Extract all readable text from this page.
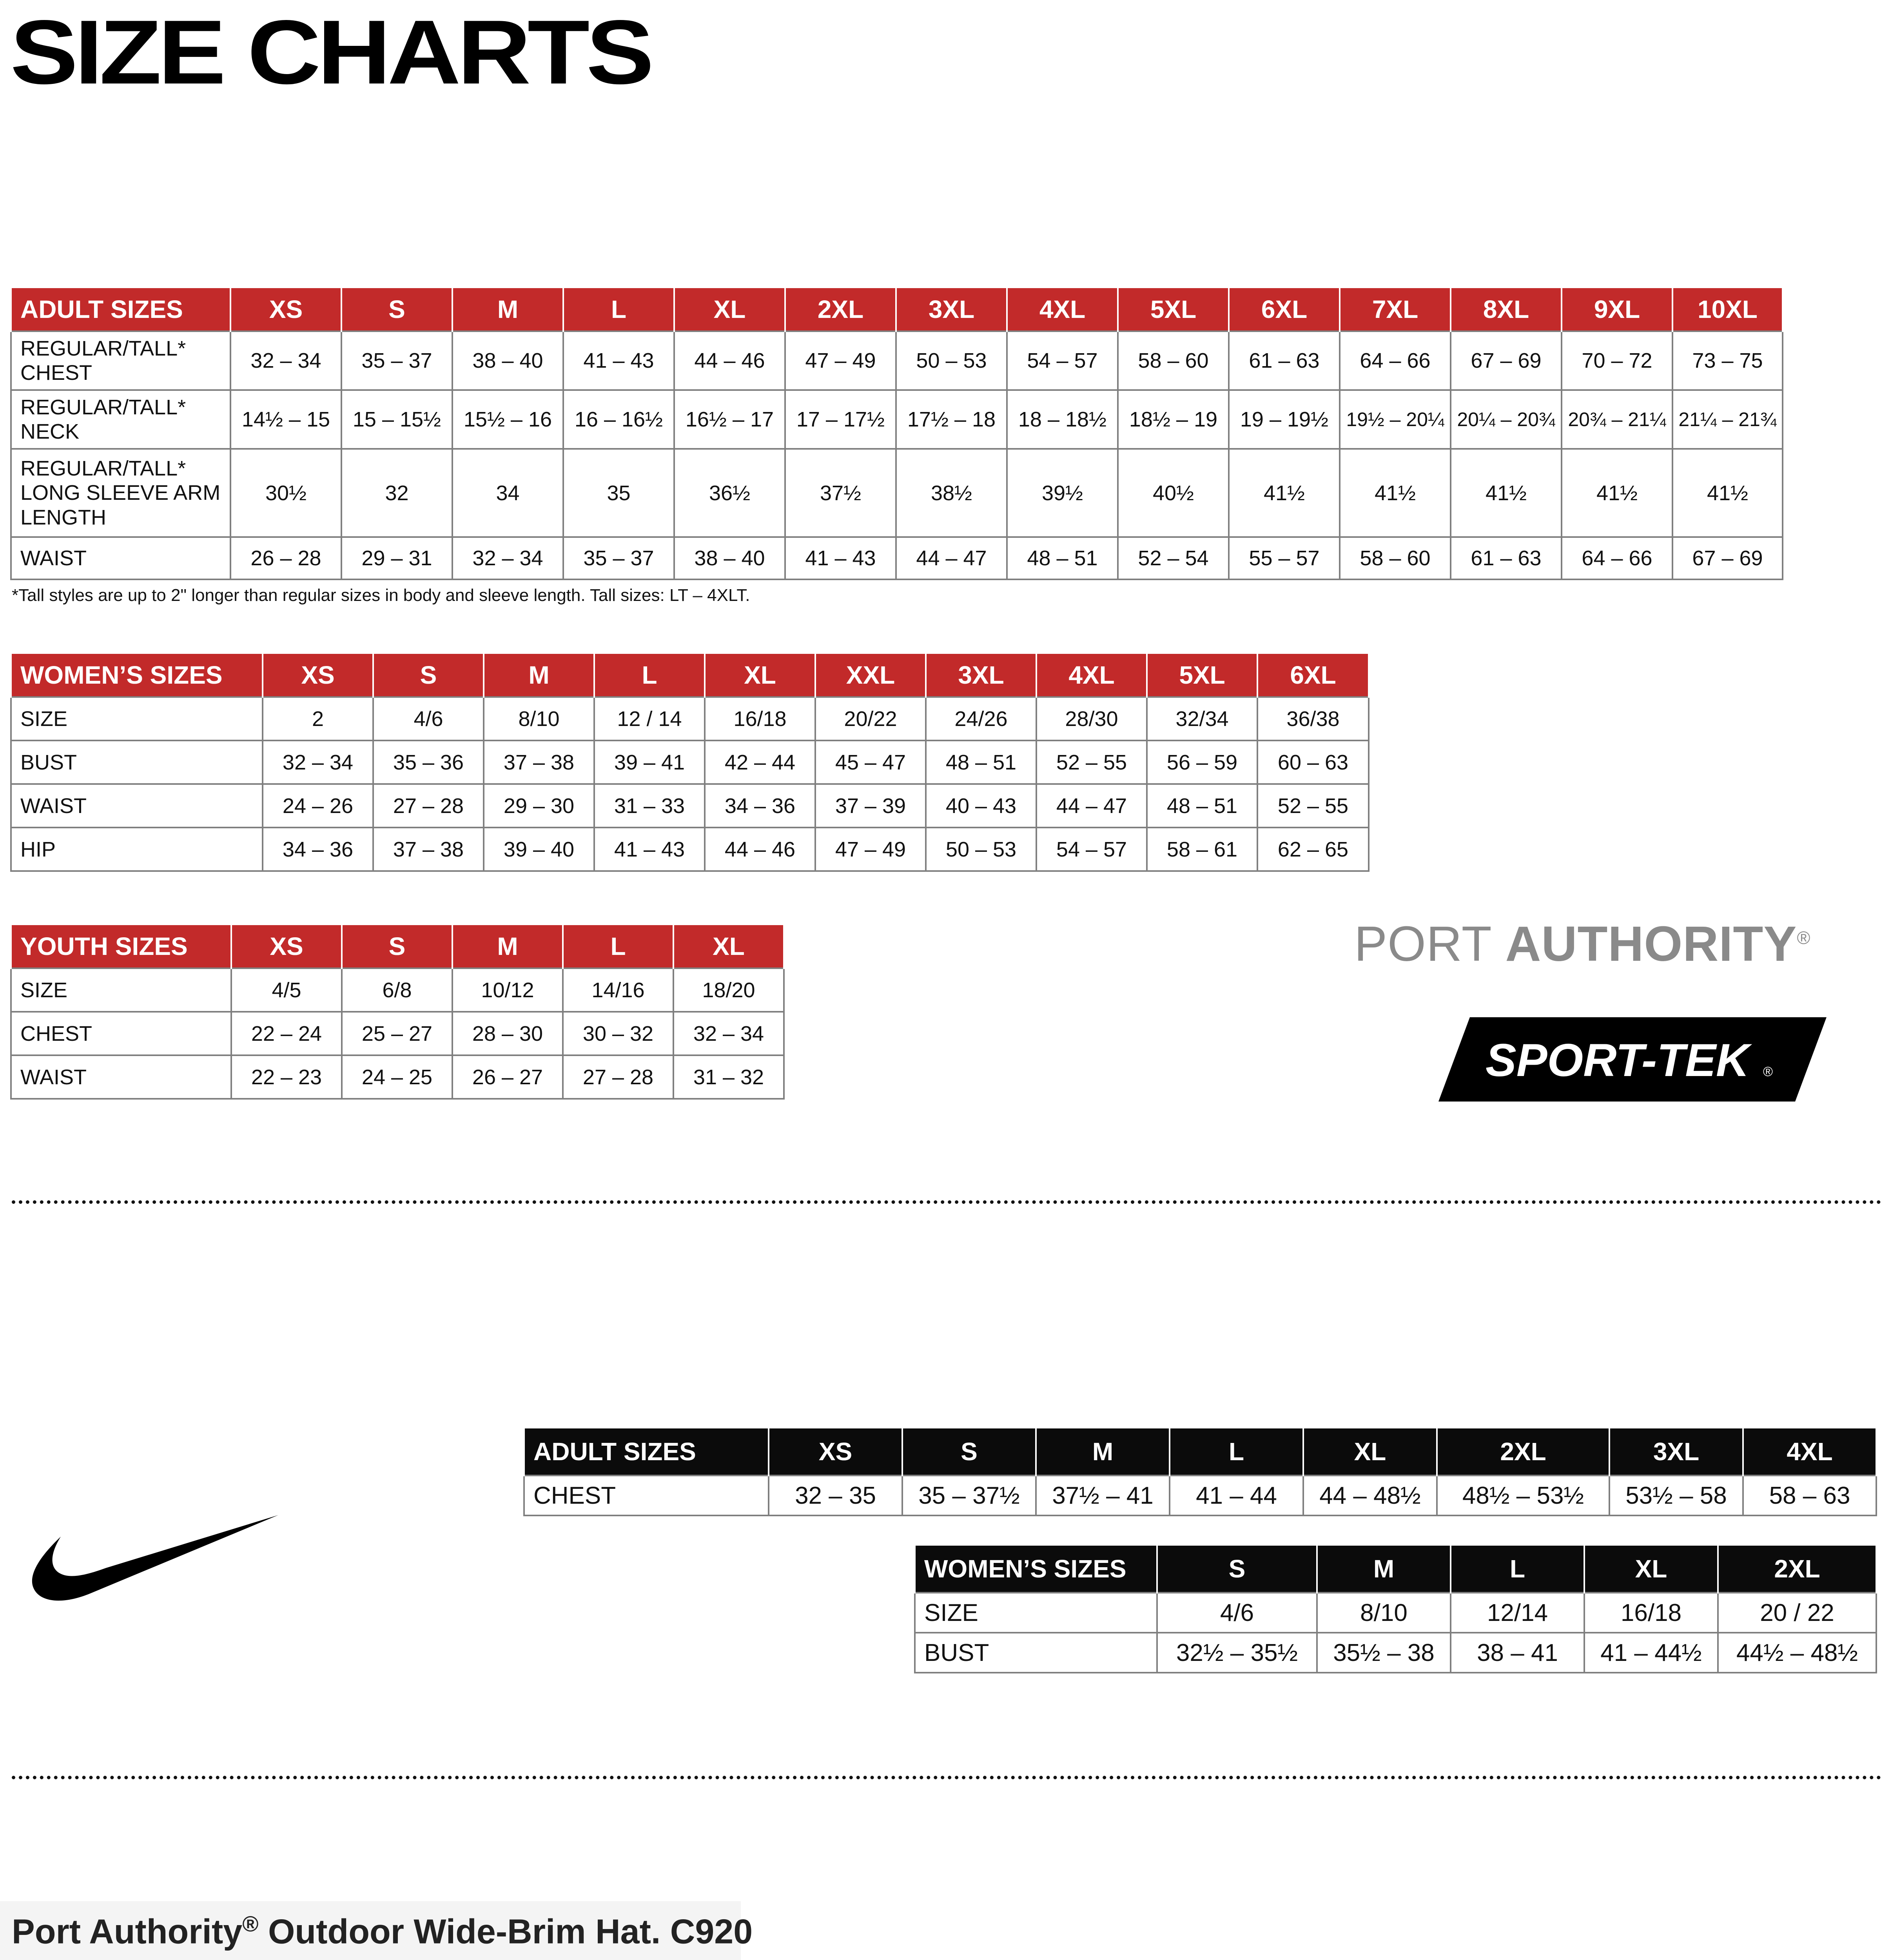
SIZE CHARTS
ADULT SIZES	XS	S	M	L	XL	2XL	3XL	4XL	5XL	6XL	7XL	8XL	9XL	10XL
REGULAR/TALL* CHEST	32 – 34	35 – 37	38 – 40	41 – 43	44 – 46	47 – 49	50 – 53	54 – 57	58 – 60	61 – 63	64 – 66	67 – 69	70 – 72	73 – 75
REGULAR/TALL* NECK	14½ – 15	15 – 15½	15½ – 16	16 – 16½	16½ – 17	17 – 17½	17½ – 18	18 – 18½	18½ – 19	19 – 19½	19½ – 20¼	20¼ – 20¾	20¾ – 21¼	21¼ – 21¾
REGULAR/TALL* LONG SLEEVE ARM LENGTH	30½	32	34	35	36½	37½	38½	39½	40½	41½	41½	41½	41½	41½
WAIST	26 – 28	29 – 31	32 – 34	35 – 37	38 – 40	41 – 43	44 – 47	48 – 51	52 – 54	55 – 57	58 – 60	61 – 63	64 – 66	67 – 69
*Tall styles are up to 2" longer than regular sizes in body and sleeve length. Tall sizes: LT – 4XLT.
WOMEN’S SIZES	XS	S	M	L	XL	XXL	3XL	4XL	5XL	6XL
SIZE	2	4/6	8/10	12 / 14	16/18	20/22	24/26	28/30	32/34	36/38
BUST	32 – 34	35 – 36	37 – 38	39 – 41	42 – 44	45 – 47	48 – 51	52 – 55	56 – 59	60 – 63
WAIST	24 – 26	27 – 28	29 – 30	31 – 33	34 – 36	37 – 39	40 – 43	44 – 47	48 – 51	52 – 55
HIP	34 – 36	37 – 38	39 – 40	41 – 43	44 – 46	47 – 49	50 – 53	54 – 57	58 – 61	62 – 65
YOUTH SIZES	XS	S	M	L	XL
SIZE	4/5	6/8	10/12	14/16	18/20
CHEST	22 – 24	25 – 27	28 – 30	30 – 32	32 – 34
WAIST	22 – 23	24 – 25	26 – 27	27 – 28	31 – 32
PORT AUTHORITY®
SPORT-TEK ®
ADULT SIZES	XS	S	M	L	XL	2XL	3XL	4XL
CHEST	32 – 35	35 – 37½	37½ – 41	41 – 44	44 – 48½	48½ – 53½	53½ – 58	58 – 63
WOMEN’S SIZES	S	M	L	XL	2XL
SIZE	4/6	8/10	12/14	16/18	20 / 22
BUST	32½ – 35½	35½ – 38	38 – 41	41 – 44½	44½ – 48½
Port Authority® Outdoor Wide-Brim Hat. C920
